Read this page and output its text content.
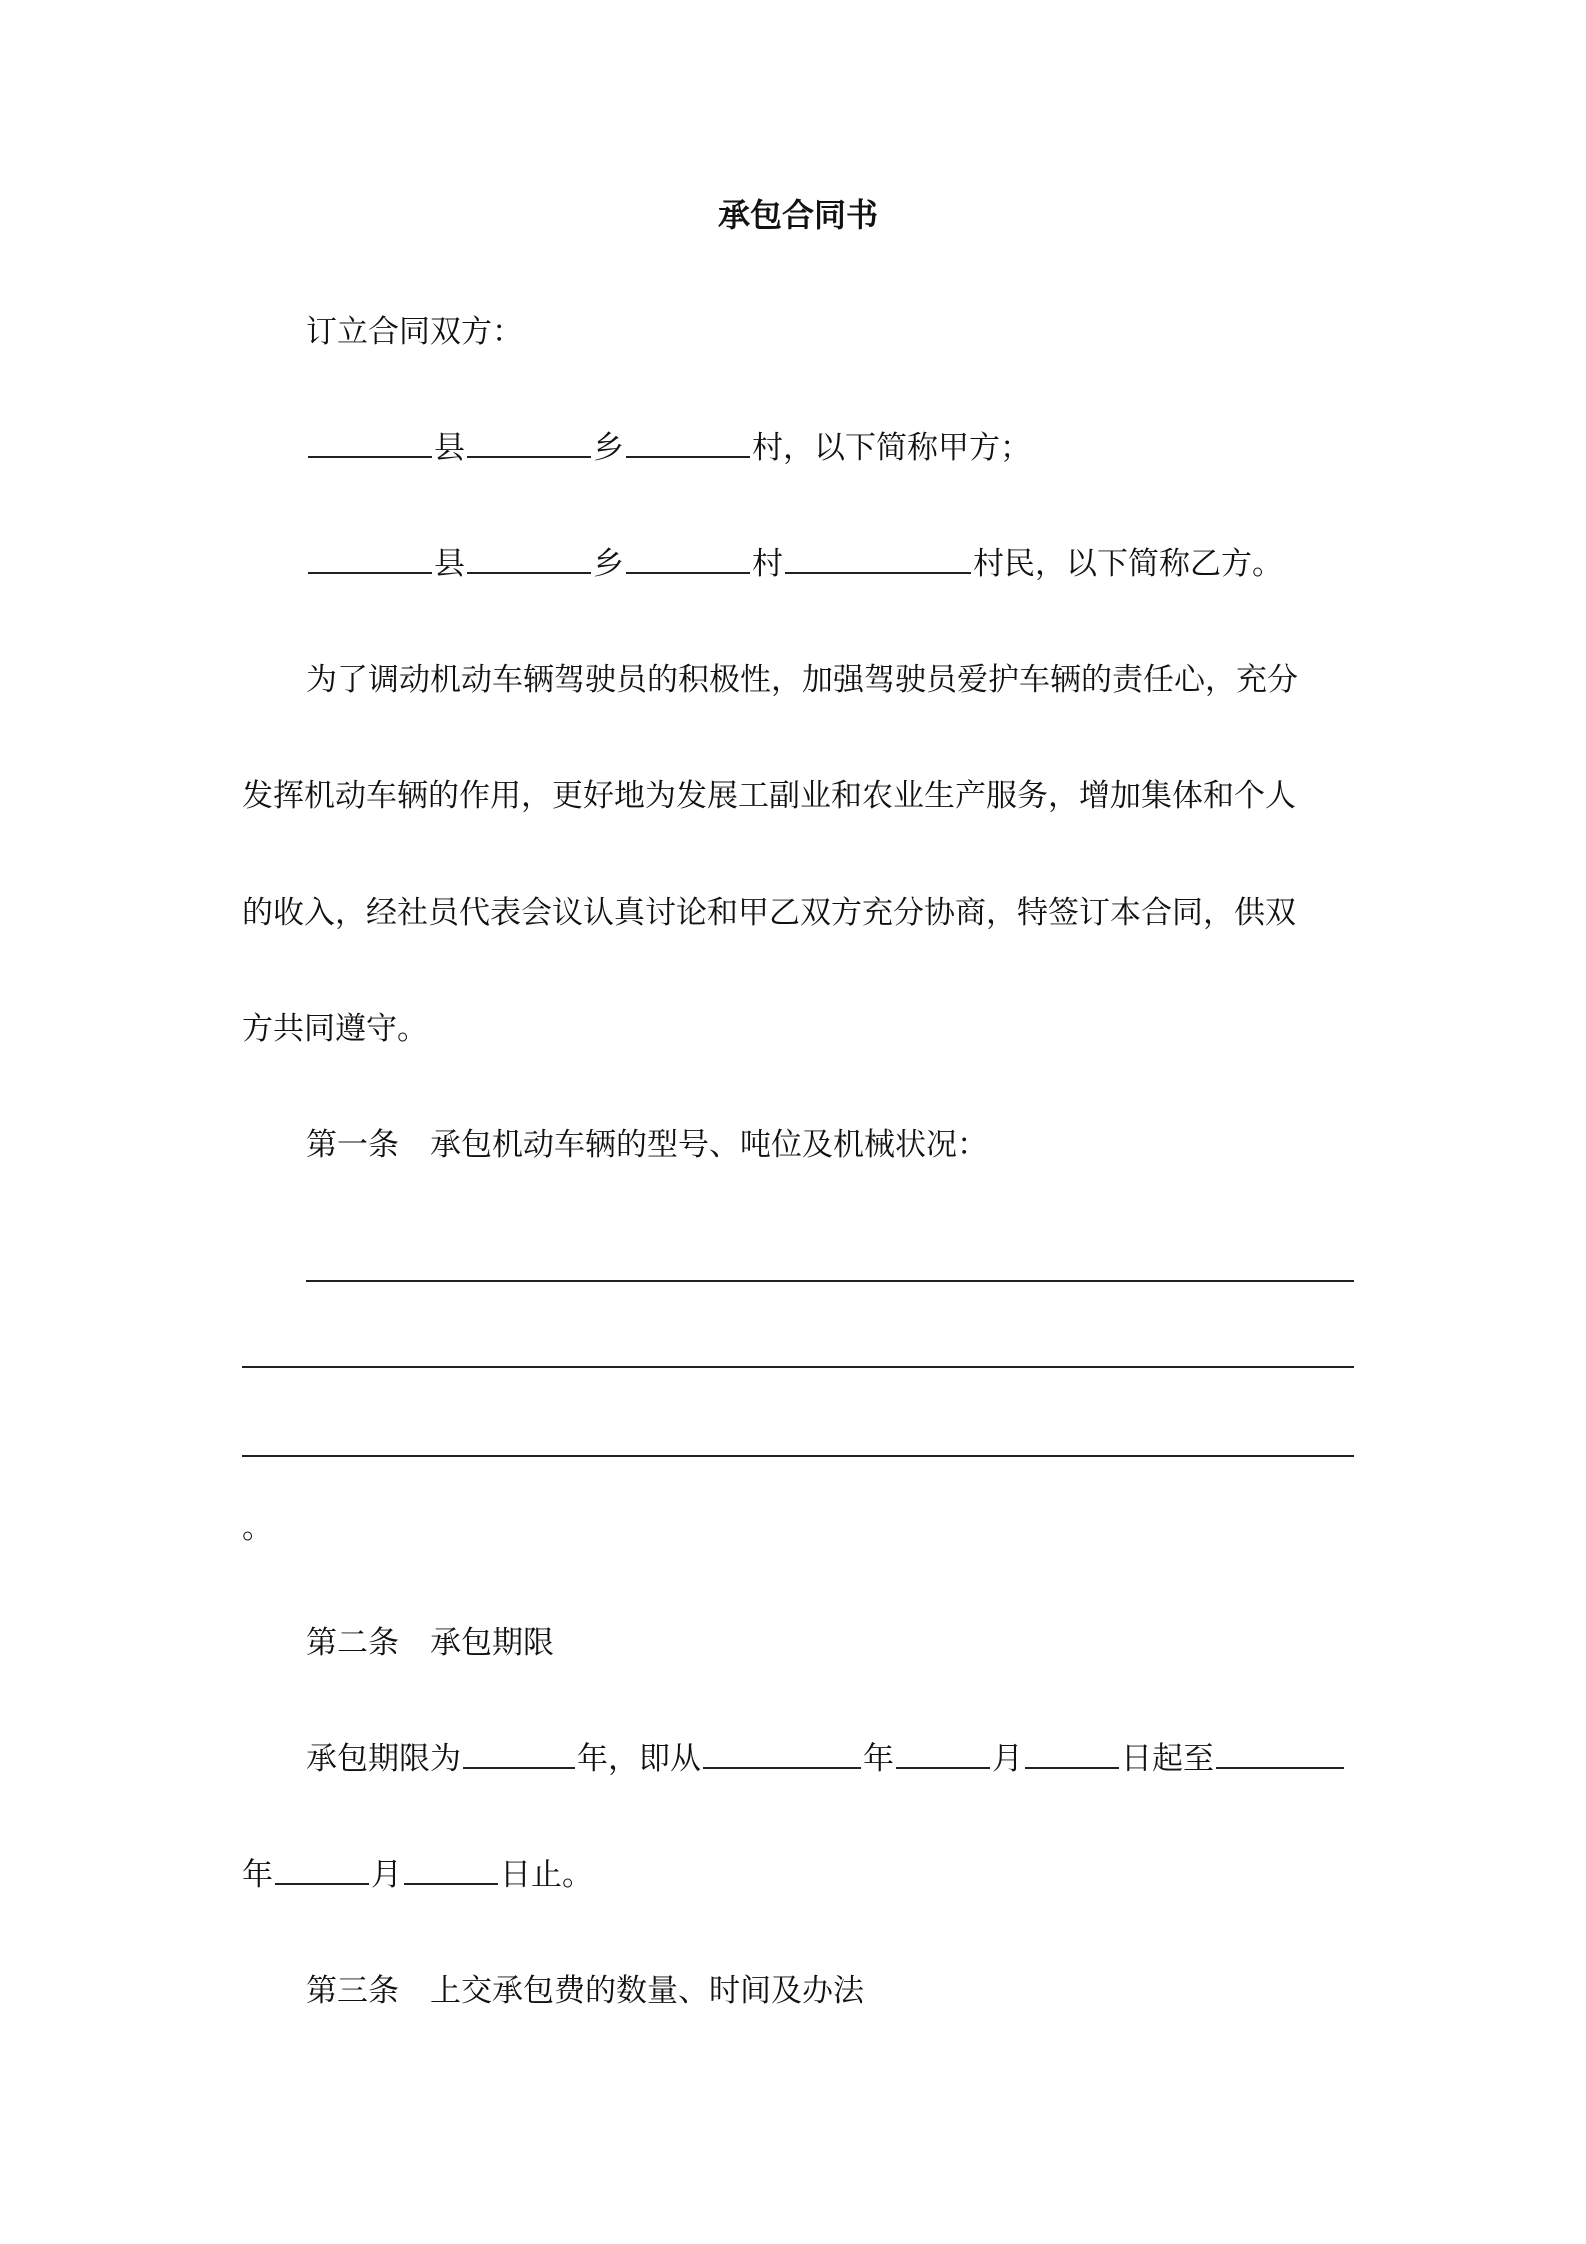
承包合同书
订立合同双方：
县	乡	村，以下简称甲方；
县	乡	村	村民，以下简称乙方。
为了调动机动车辆驾驶员的积极性，加强驾驶员爱护车辆的责任心，充分
发挥机动车辆的作用，更好地为发展工副业和农业生产服务，增加集体和个人
的收入，经社员代表会议认真讨论和甲乙双方充分协商，特签订本合同，供双
方共同遵守。
第一条　承包机动车辆的型号、吨位及机械状况：
。
第二条　承包期限
承包期限为	年，即从	年	月	日起至
年	月	日止。
第三条　上交承包费的数量、时间及办法
